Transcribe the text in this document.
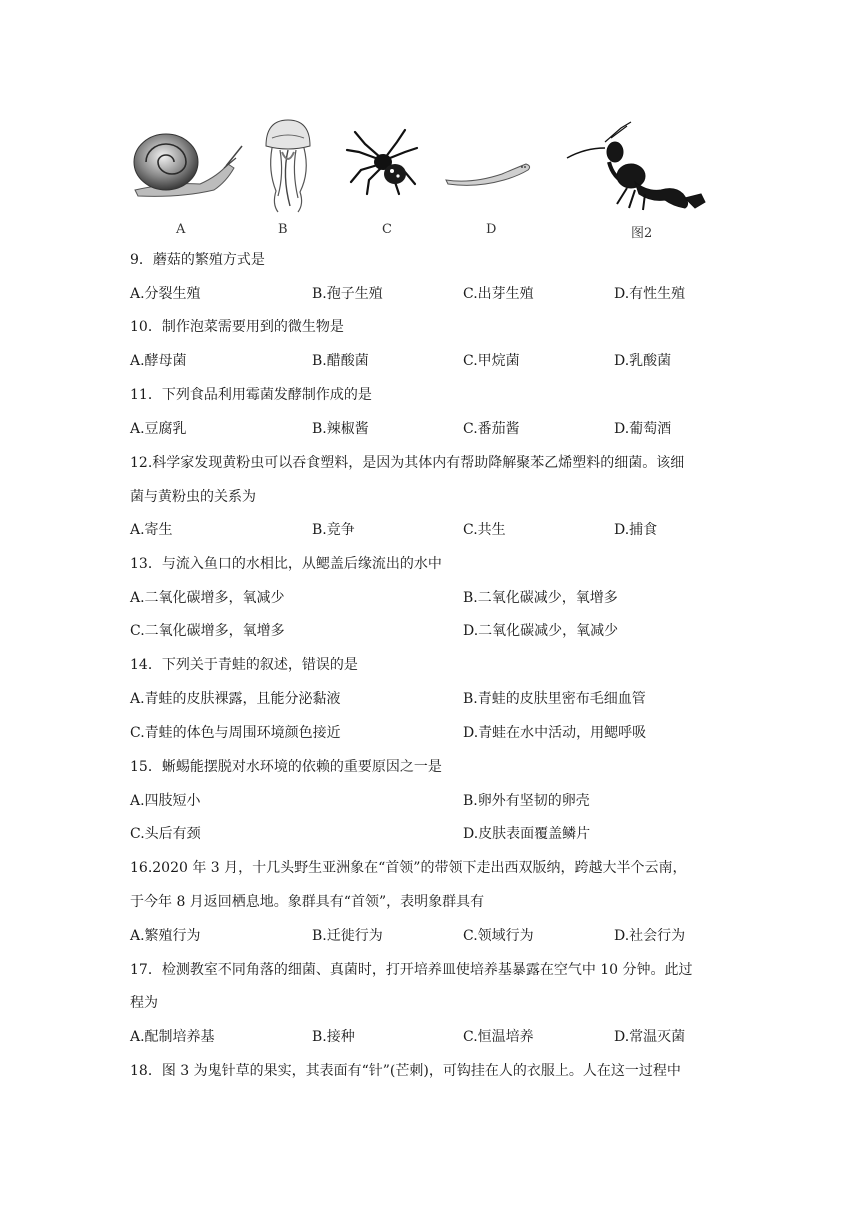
A	B	C	D	图2
9．蘑菇的繁殖方式是
A.分裂生殖	B.孢子生殖	C.出芽生殖	D.有性生殖
10．制作泡菜需要用到的微生物是
A.酵母菌	B.醋酸菌	C.甲烷菌	D.乳酸菌
11．下列食品利用霉菌发酵制作成的是
A.豆腐乳	B.辣椒酱	C.番茄酱	D.葡萄酒
12.科学家发现黄粉虫可以吞食塑料，是因为其体内有帮助降解聚苯乙烯塑料的细菌。该细
菌与黄粉虫的关系为
A.寄生	B.竞争	C.共生	D.捕食
13．与流入鱼口的水相比，从鳃盖后缘流出的水中
A.二氧化碳增多，氧减少	B.二氧化碳减少，氧增多
C.二氧化碳增多，氧增多	D.二氧化碳减少，氧减少
14．下列关于青蛙的叙述，错误的是
A.青蛙的皮肤裸露，且能分泌黏液	B.青蛙的皮肤里密布毛细血管
C.青蛙的体色与周围环境颜色接近	D.青蛙在水中活动，用鳃呼吸
15．蜥蜴能摆脱对水环境的依赖的重要原因之一是
A.四肢短小	B.卵外有坚韧的卵壳
C.头后有颈	D.皮肤表面覆盖鳞片
16.2020 年 3 月，十几头野生亚洲象在“首领”的带领下走出西双版纳，跨越大半个云南，
于今年 8 月返回栖息地。象群具有“首领”，表明象群具有
A.繁殖行为	B.迁徙行为	C.领域行为	D.社会行为
17．检测教室不同角落的细菌、真菌时，打开培养皿使培养基暴露在空气中 10 分钟。此过
程为
A.配制培养基	B.接种	C.恒温培养	D.常温灭菌
18．图 3 为鬼针草的果实，其表面有“针”(芒刺)，可钩挂在人的衣服上。人在这一过程中
